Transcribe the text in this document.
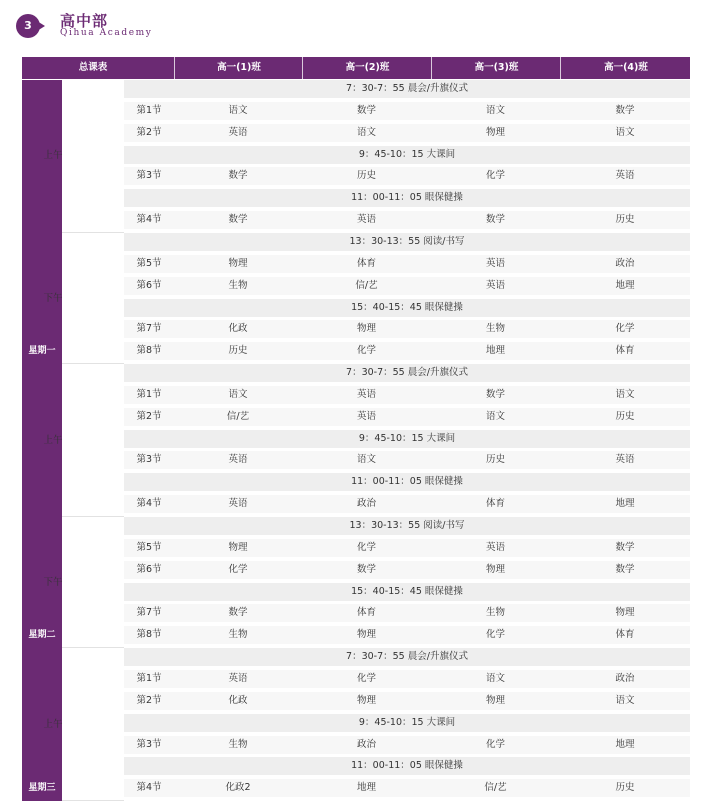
3	高中部
Qihua Academy
总课表	高一(1)班	高一(2)班	高一(3)班	高一(4)班
星期一
上午
7：30-7：55 晨会/升旗仪式
第1节	语文	数学	语文	数学
第2节	英语	语文	物理	语文
9：45-10：15 大课间
第3节	数学	历史	化学	英语
11：00-11：05 眼保健操
第4节	数学	英语	数学	历史
下午
13：30-13：55 阅读/书写
第5节	物理	体育	英语	政治
第6节	生物	信/艺	英语	地理
15：40-15：45 眼保健操
第7节	化政	物理	生物	化学
第8节	历史	化学	地理	体育
星期二
上午
7：30-7：55 晨会/升旗仪式
第1节	语文	英语	数学	语文
第2节	信/艺	英语	语文	历史
9：45-10：15 大课间
第3节	英语	语文	历史	英语
11：00-11：05 眼保健操
第4节	英语	政治	体育	地理
下午
13：30-13：55 阅读/书写
第5节	物理	化学	英语	数学
第6节	化学	数学	物理	数学
15：40-15：45 眼保健操
第7节	数学	体育	生物	物理
第8节	生物	物理	化学	体育
星期三
上午
7：30-7：55 晨会/升旗仪式
第1节	英语	化学	语文	政治
第2节	化政	物理	物理	语文
9：45-10：15 大课间
第3节	生物	政治	化学	地理
11：00-11：05 眼保健操
第4节	化政2	地理	信/艺	历史
